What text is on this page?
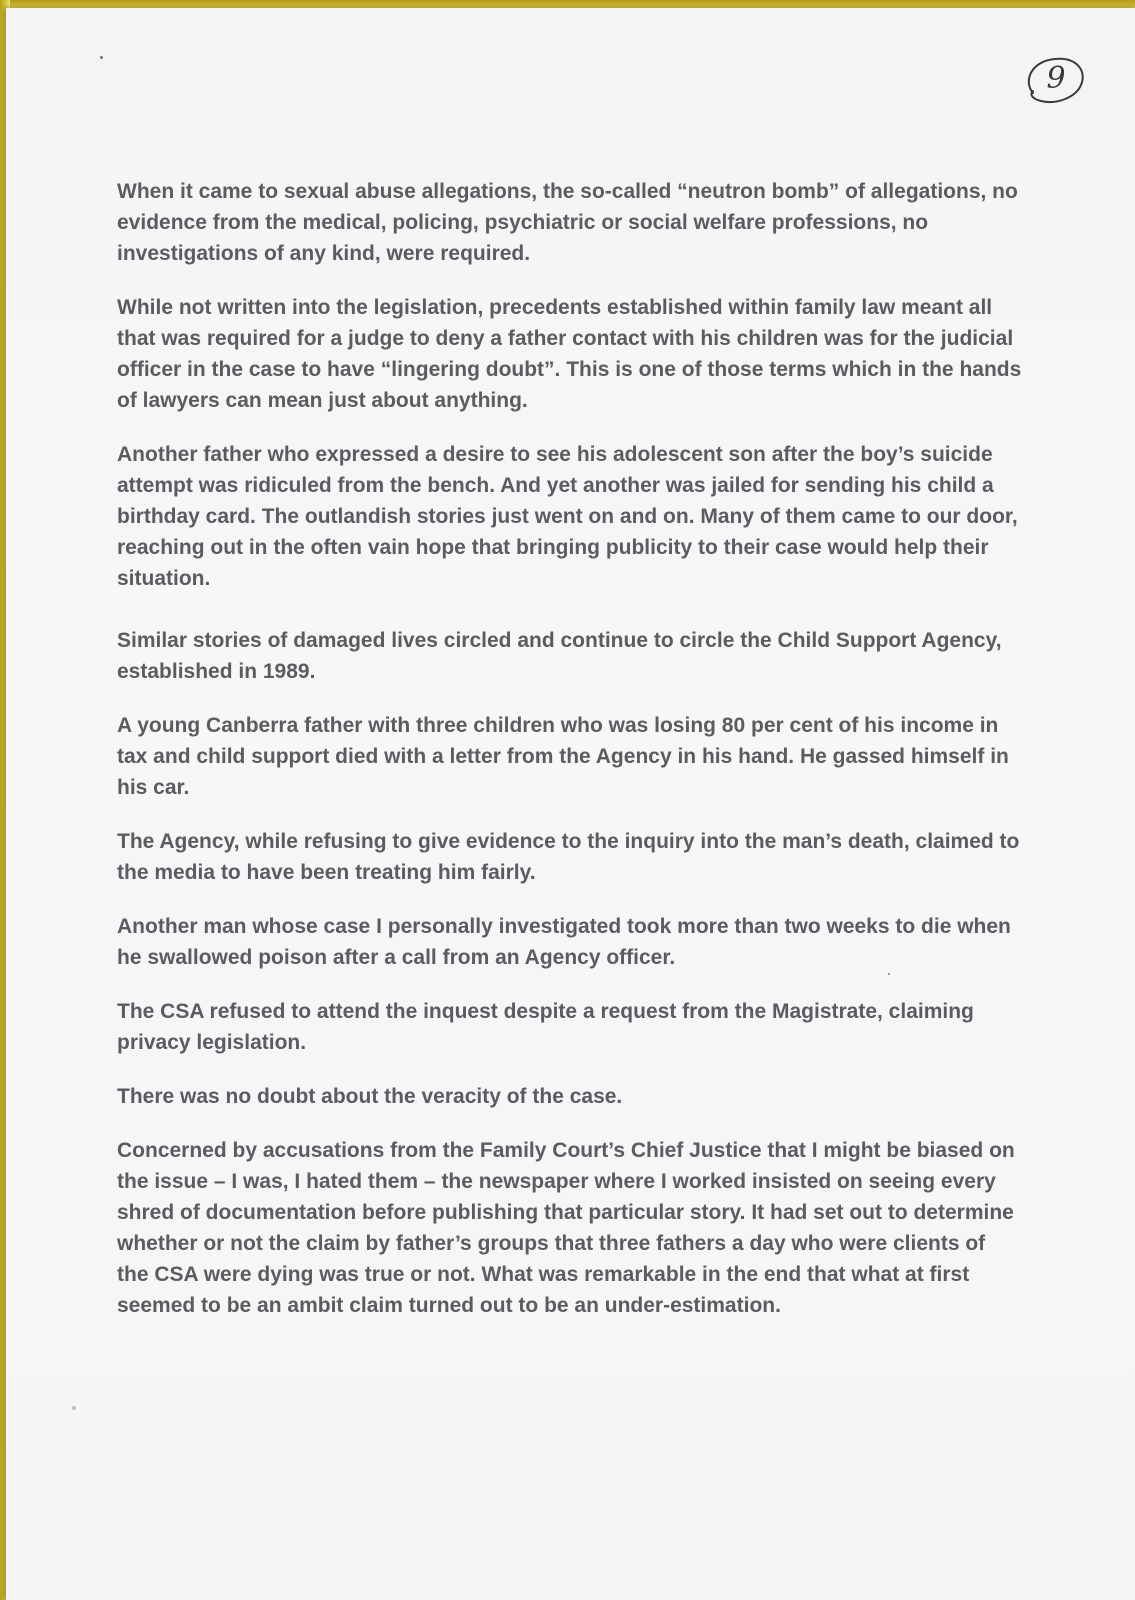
9

When it came to sexual abuse allegations, the so-called “neutron bomb” of allegations, no evidence from the medical, policing, psychiatric or social welfare professions, no investigations of any kind, were required.

While not written into the legislation, precedents established within family law meant all that was required for a judge to deny a father contact with his children was for the judicial officer in the case to have “lingering doubt”. This is one of those terms which in the hands of lawyers can mean just about anything.

Another father who expressed a desire to see his adolescent son after the boy’s suicide attempt was ridiculed from the bench. And yet another was jailed for sending his child a birthday card. The outlandish stories just went on and on. Many of them came to our door, reaching out in the often vain hope that bringing publicity to their case would help their situation.

Similar stories of damaged lives circled and continue to circle the Child Support Agency, established in 1989.

A young Canberra father with three children who was losing 80 per cent of his income in tax and child support died with a letter from the Agency in his hand. He gassed himself in his car.

The Agency, while refusing to give evidence to the inquiry into the man’s death, claimed to the media to have been treating him fairly.

Another man whose case I personally investigated took more than two weeks to die when he swallowed poison after a call from an Agency officer.

The CSA refused to attend the inquest despite a request from the Magistrate, claiming privacy legislation.

There was no doubt about the veracity of the case.

Concerned by accusations from the Family Court’s Chief Justice that I might be biased on the issue – I was, I hated them – the newspaper where I worked insisted on seeing every shred of documentation before publishing that particular story. It had set out to determine whether or not the claim by father’s groups that three fathers a day who were clients of the CSA were dying was true or not. What was remarkable in the end that what at first seemed to be an ambit claim turned out to be an under-estimation.
